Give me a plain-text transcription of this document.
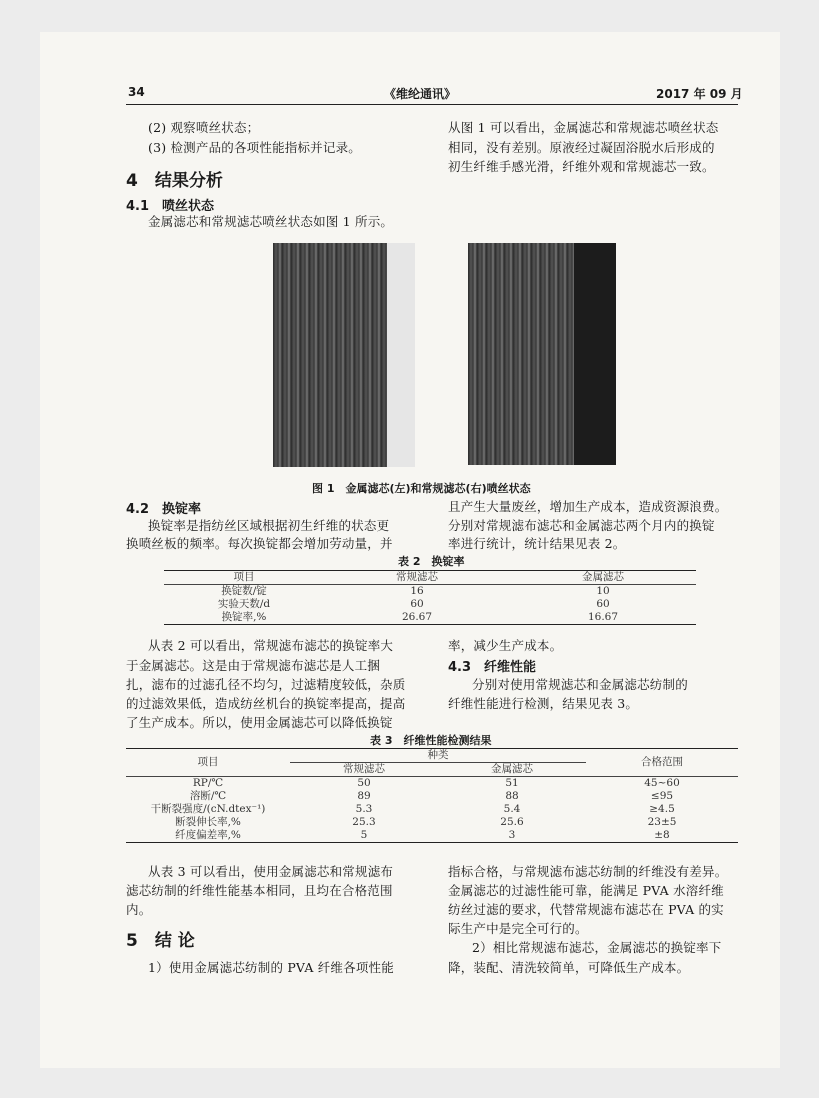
34	《维纶通讯》	2017 年 09 月
(2) 观察喷丝状态；
(3) 检测产品的各项性能指标并记录。
从图 1 可以看出，金属滤芯和常规滤芯喷丝状态
相同，没有差别。原液经过凝固浴脱水后形成的
初生纤维手感光滑，纤维外观和常规滤芯一致。
4　结果分析
4.1　喷丝状态
金属滤芯和常规滤芯喷丝状态如图 1 所示。
图 1　金属滤芯(左)和常规滤芯(右)喷丝状态
4.2　换锭率
换锭率是指纺丝区域根据初生纤维的状态更
换喷丝板的频率。每次换锭都会增加劳动量，并
且产生大量废丝，增加生产成本，造成资源浪费。
分别对常规滤布滤芯和金属滤芯两个月内的换锭
率进行统计，统计结果见表 2。
表 2　换锭率
项目	常规滤芯	金属滤芯
换锭数/锭	16	10
实验天数/d	60	60
换锭率,%	26.67	16.67
从表 2 可以看出，常规滤布滤芯的换锭率大
于金属滤芯。这是由于常规滤布滤芯是人工捆
扎，滤布的过滤孔径不均匀，过滤精度较低，杂质
的过滤效果低，造成纺丝机台的换锭率提高，提高
了生产成本。所以，使用金属滤芯可以降低换锭
率，减少生产成本。
4.3　纤维性能
分别对使用常规滤芯和金属滤芯纺制的
纤维性能进行检测，结果见表 3。
表 3　纤维性能检测结果
项目	种类		合格范围
	常规滤芯	金属滤芯	
RP/℃	50	51	45~60
溶断/℃	89	88	≤95
干断裂强度/(cN.dtex⁻¹)	5.3	5.4	≥4.5
断裂伸长率,%	25.3	25.6	23±5
纤度偏差率,%	5	3	±8
从表 3 可以看出，使用金属滤芯和常规滤布
滤芯纺制的纤维性能基本相同，且均在合格范围
内。
5　结 论
1）使用金属滤芯纺制的 PVA 纤维各项性能
指标合格，与常规滤布滤芯纺制的纤维没有差异。
金属滤芯的过滤性能可靠，能满足 PVA 水溶纤维
纺丝过滤的要求，代替常规滤布滤芯在 PVA 的实
际生产中是完全可行的。
2）相比常规滤布滤芯，金属滤芯的换锭率下
降，装配、清洗较简单，可降低生产成本。
